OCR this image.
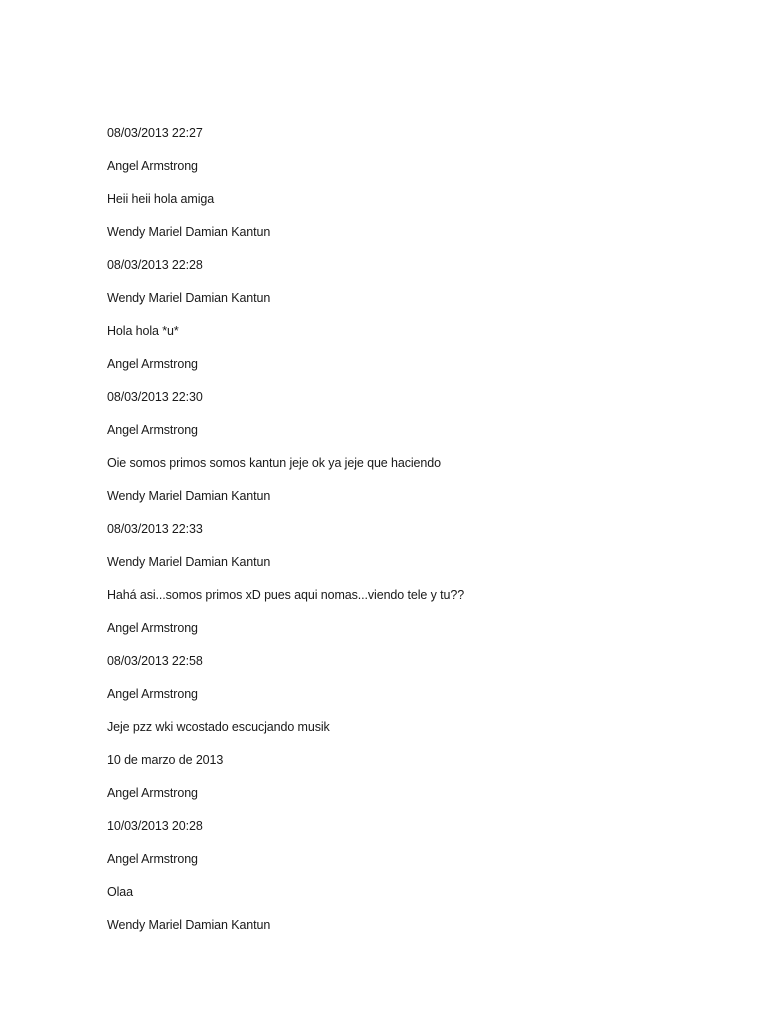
08/03/2013 22:27
Angel Armstrong
Heii heii hola amiga
Wendy Mariel Damian Kantun
08/03/2013 22:28
Wendy Mariel Damian Kantun
Hola hola *u*
Angel Armstrong
08/03/2013 22:30
Angel Armstrong
Oie somos primos somos kantun jeje ok ya jeje que haciendo
Wendy Mariel Damian Kantun
08/03/2013 22:33
Wendy Mariel Damian Kantun
Hahá asi...somos primos xD pues aqui nomas...viendo tele y tu??
Angel Armstrong
08/03/2013 22:58
Angel Armstrong
Jeje pzz wki wcostado escucjando musik
10 de marzo de 2013
Angel Armstrong
10/03/2013 20:28
Angel Armstrong
Olaa
Wendy Mariel Damian Kantun
